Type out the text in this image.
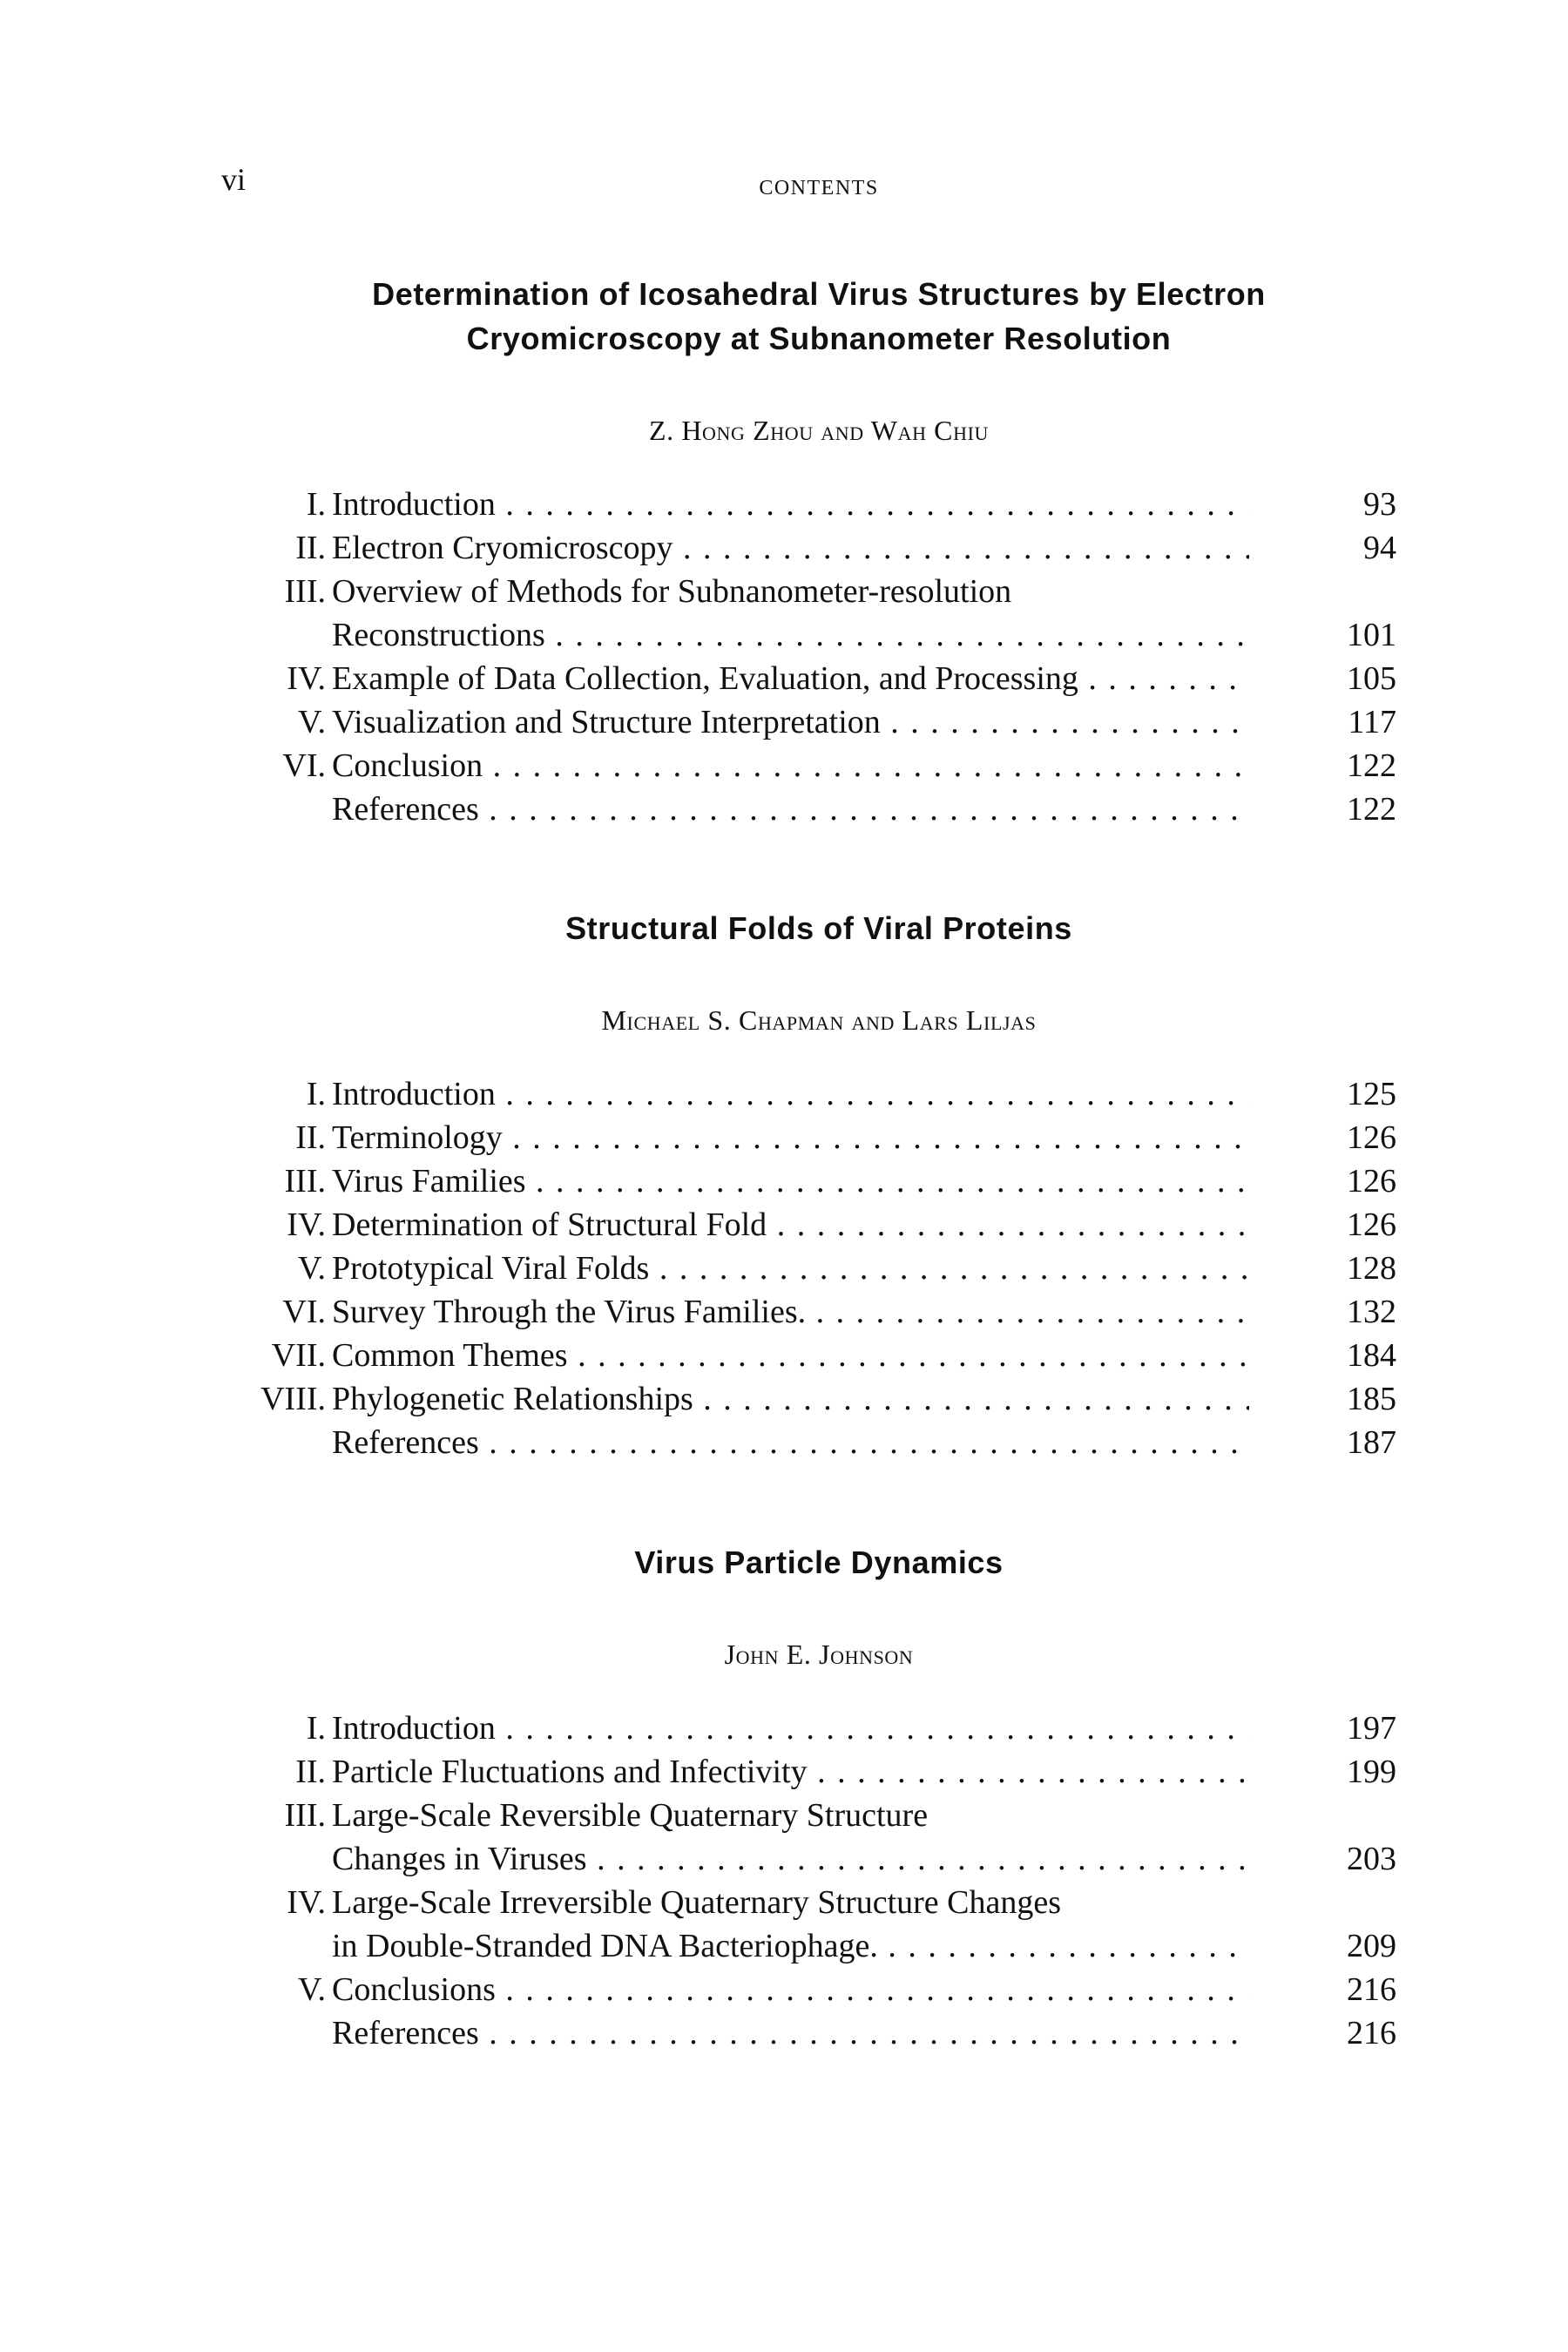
vi	CONTENTS
Determination of Icosahedral Virus Structures by Electron
Cryomicroscopy at Subnanometer Resolution
Z. Hong Zhou and Wah Chiu
I. Introduction . . .	93
II. Electron Cryomicroscopy . . .	94
III. Overview of Methods for Subnanometer-resolution
Reconstructions . . .	101
IV. Example of Data Collection, Evaluation, and Processing . . .	105
V. Visualization and Structure Interpretation . . .	117
VI. Conclusion . . .	122
References . . .	122
Structural Folds of Viral Proteins
Michael S. Chapman and Lars Liljas
I. Introduction . . .	125
II. Terminology . . .	126
III. Virus Families . . .	126
IV. Determination of Structural Fold . . .	126
V. Prototypical Viral Folds . . .	128
VI. Survey Through the Virus Families. . . .	132
VII. Common Themes . . .	184
VIII. Phylogenetic Relationships . . .	185
References . . .	187
Virus Particle Dynamics
John E. Johnson
I. Introduction . . .	197
II. Particle Fluctuations and Infectivity . . .	199
III. Large-Scale Reversible Quaternary Structure
Changes in Viruses . . .	203
IV. Large-Scale Irreversible Quaternary Structure Changes
in Double-Stranded DNA Bacteriophage. . . .	209
V. Conclusions . . .	216
References . . .	216
